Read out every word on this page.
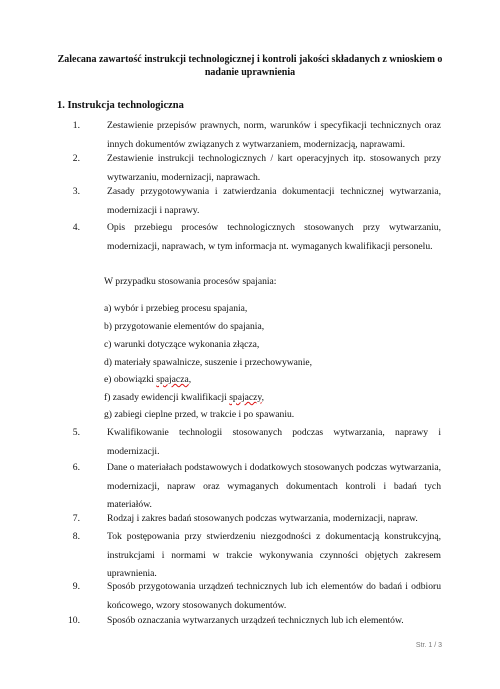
Zalecana zawartość instrukcji technologicznej i kontroli jakości składanych z wnioskiem o nadanie uprawnienia
1. Instrukcja technologiczna
1.	Zestawienie przepisów prawnych, norm, warunków i specyfikacji technicznych oraz innych dokumentów związanych z wytwarzaniem, modernizacją, naprawami.
2.	Zestawienie instrukcji technologicznych / kart operacyjnych itp. stosowanych przy wytwarzaniu, modernizacji, naprawach.
3.	Zasady przygotowywania i zatwierdzania dokumentacji technicznej wytwarzania, modernizacji i naprawy.
4.	Opis przebiegu procesów technologicznych stosowanych przy wytwarzaniu, modernizacji, naprawach, w tym informacja nt. wymaganych kwalifikacji personelu.
W przypadku stosowania procesów spajania:
a) wybór i przebieg procesu spajania,
b) przygotowanie elementów do spajania,
c) warunki dotyczące wykonania złącza,
d) materiały spawalnicze, suszenie i przechowywanie,
e) obowiązki spajacza,
f) zasady ewidencji kwalifikacji spajaczy,
g) zabiegi cieplne przed, w trakcie i po spawaniu.
5.	Kwalifikowanie technologii stosowanych podczas wytwarzania, naprawy i modernizacji.
6.	Dane o materiałach podstawowych i dodatkowych stosowanych podczas wytwarzania, modernizacji, napraw oraz wymaganych dokumentach kontroli i badań tych materiałów.
7.	Rodzaj i zakres badań stosowanych podczas wytwarzania, modernizacji, napraw.
8.	Tok postępowania przy stwierdzeniu niezgodności z dokumentacją konstrukcyjną, instrukcjami i normami w trakcie wykonywania czynności objętych zakresem uprawnienia.
9.	Sposób przygotowania urządzeń technicznych lub ich elementów do badań i odbioru końcowego, wzory stosowanych dokumentów.
10.	Sposób oznaczania wytwarzanych urządzeń technicznych lub ich elementów.
Str. 1 / 3
